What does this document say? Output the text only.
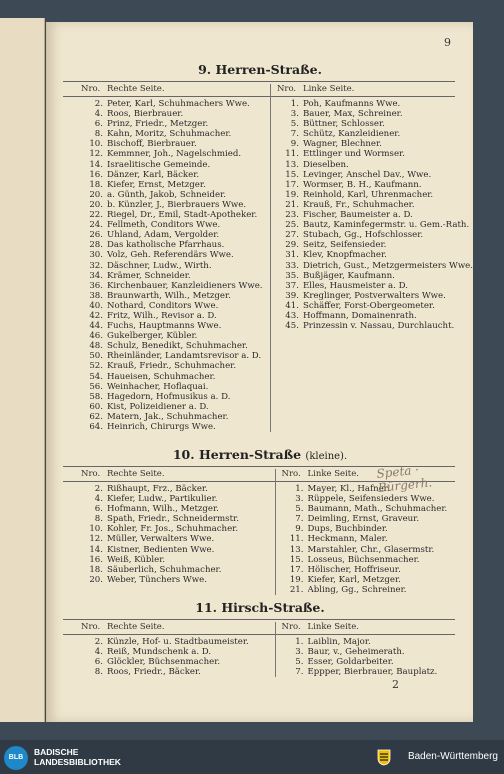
9
9. Herren-Straße.
Nro. Rechte Seite.
2. Peter, Karl, Schuhmachers Wwe.
4. Roos, Bierbrauer.
6. Prinz, Friedr., Metzger.
8. Kahn, Moritz, Schuhmacher.
10. Bischoff, Bierbrauer.
12. Kemmner, Joh., Nagelschmied.
14. Israelitische Gemeinde.
16. Dänzer, Karl, Bäcker.
18. Kiefer, Ernst, Metzger.
20. a. Günth, Jakob, Schneider.
20. b. Künzler, J., Bierbrauers Wwe.
22. Riegel, Dr., Emil, Stadt-Apotheker.
24. Fellmeth, Conditors Wwe.
26. Uhland, Adam, Vergolder.
28. Das katholische Pfarrhaus.
30. Volz, Geh. Referendärs Wwe.
32. Däschner, Ludw., Wirth.
34. Krämer, Schneider.
36. Kirchenbauer, Kanzleidieners Wwe.
38. Braunwarth, Wilh., Metzger.
40. Nothard, Conditors Wwe.
42. Fritz, Wilh., Revisor a. D.
44. Fuchs, Hauptmanns Wwe.
46. Gukelberger, Kübler.
48. Schulz, Benedikt, Schuhmacher.
50. Rheinländer, Landamtsrevisor a. D.
52. Krauß, Friedr., Schuhmacher.
54. Haueisen, Schuhmacher.
56. Weinhacher, Hoflaquai.
58. Hagedorn, Hofmusikus a. D.
60. Kist, Polizeidiener a. D.
62. Matern, Jak., Schuhmacher.
64. Heinrich, Chirurgs Wwe.
Nro. Linke Seite.
1. Poh, Kaufmanns Wwe.
3. Bauer, Max, Schreiner.
5. Büttner, Schlosser.
7. Schütz, Kanzleidiener.
9. Wagner, Blechner.
11. Ettlinger und Wormser.
13. Dieselben.
15. Levinger, Anschel Dav., Wwe.
17. Wormser, B. H., Kaufmann.
19. Reinhold, Karl, Uhrenmacher.
21. Krauß, Fr., Schuhmacher.
23. Fischer, Baumeister a. D.
25. Bautz, Kaminfegermstr. u. Gem.-Rath.
27. Stubach, Gg., Hofschlosser.
29. Seitz, Seifensieder.
31. Klev, Knopfmacher.
33. Dietrich, Gust., Metzgermeisters Wwe.
35. Bußjäger, Kaufmann.
37. Elles, Hausmeister a. D.
39. Kreglinger, Postverwalters Wwe.
41. Schäffer, Forst-Obergeometer.
43. Hoffmann, Domainenrath.
45. Prinzessin v. Nassau, Durchlaucht.
10. Herren-Straße (kleine).
Nro. Rechte Seite.
2. Rißhaupt, Frz., Bäcker.
4. Kiefer, Ludw., Partikulier.
6. Hofmann, Wilh., Metzger.
8. Spath, Friedr., Schneidermstr.
10. Kohler, Fr. Jos., Schuhmacher.
12. Müller, Verwalters Wwe.
14. Kistner, Bedienten Wwe.
16. Weiß, Kübler.
18. Säuberlich, Schuhmacher.
20. Weber, Tünchers Wwe.
Nro. Linke Seite.
1. Mayer, Kl., Hafner.
3. Rüppele, Seifensieders Wwe.
5. Baumann, Math., Schuhmacher.
7. Deimling, Ernst, Graveur.
9. Dups, Buchbinder.
11. Heckmann, Maler.
13. Marstahler, Chr., Glasermstr.
15. Losseus, Büchsenmacher.
17. Hölischer, Hoffriseur.
19. Kiefer, Karl, Metzger.
21. Abling, Gg., Schreiner.
11. Hirsch-Straße.
Nro. Rechte Seite.
2. Künzle, Hof- u. Stadtbaumeister.
4. Reiß, Mundschenk a. D.
6. Glöckler, Büchsenmacher.
8. Roos, Friedr., Bäcker.
Nro. Linke Seite.
1. Laiblin, Major.
3. Baur, v., Geheimerath.
5. Esser, Goldarbeiter.
7. Eppper, Bierbrauer, Bauplatz.
Speta · Bürgerh.
2
BLB
BADISCHE
LANDESBIBLIOTHEK	Baden-Württemberg
